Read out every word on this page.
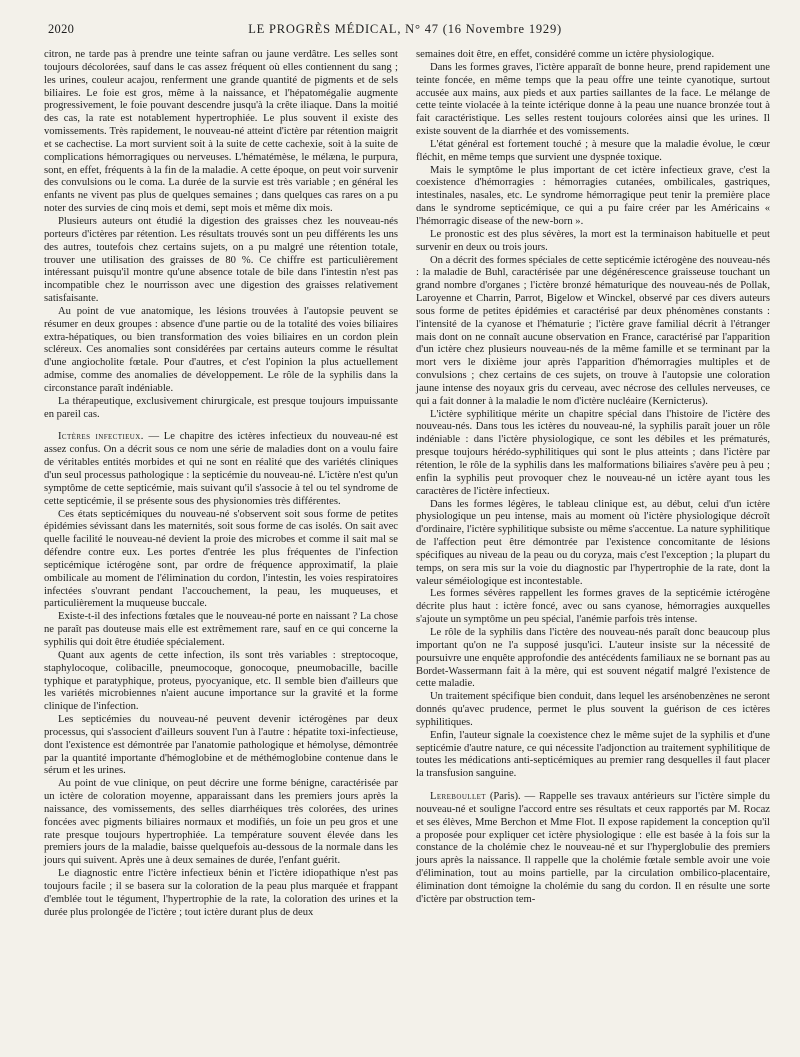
2020	LE PROGRÈS MÉDICAL, N° 47 (16 Novembre 1929)

citron, ne tarde pas à prendre une teinte safran ou jaune verdâtre. Les selles sont toujours décolorées, sauf dans le cas assez fréquent où elles contiennent du sang ; les urines, couleur acajou, renferment une grande quantité de pigments et de sels biliaires. Le foie est gros, même à la naissance, et l'hépatomégalie augmente progressivement, le foie pouvant descendre jusqu'à la crête iliaque. Dans la moitié des cas, la rate est notablement hypertrophiée. Le plus souvent il existe des vomissements. Très rapidement, le nouveau-né atteint d'ictère par rétention maigrit et se cachectise. La mort survient soit à la suite de cette cachexie, soit à la suite de complications hémorragiques ou nerveuses. L'hématémèse, le mélæna, le purpura, sont, en effet, fréquents à la fin de la maladie. A cette époque, on peut voir survenir des convulsions ou le coma. La durée de la survie est très variable ; en général les enfants ne vivent pas plus de quelques semaines ; dans quelques cas rares on a pu noter des survies de cinq mois et demi, sept mois et même dix mois.

Plusieurs auteurs ont étudié la digestion des graisses chez les nouveau-nés porteurs d'ictères par rétention. Les résultats trouvés sont un peu différents les uns des autres, toutefois chez certains sujets, on a pu malgré une rétention totale, trouver une utilisation des graisses de 80 %. Ce chiffre est particulièrement intéressant puisqu'il montre qu'une absence totale de bile dans l'intestin n'est pas incompatible chez le nourrisson avec une digestion des graisses relativement satisfaisante.

Au point de vue anatomique, les lésions trouvées à l'autopsie peuvent se résumer en deux groupes : absence d'une partie ou de la totalité des voies biliaires extra-hépatiques, ou bien transformation des voies biliaires en un cordon plein scléreux. Ces anomalies sont considérées par certains auteurs comme le résultat d'une angiocholite fœtale. Pour d'autres, et c'est l'opinion la plus actuellement admise, comme des anomalies de développement. Le rôle de la syphilis dans la circonstance paraît indéniable.

La thérapeutique, exclusivement chirurgicale, est presque toujours impuissante en pareil cas.

Ictères infectieux. — Le chapitre des ictères infectieux du nouveau-né est assez confus. On a décrit sous ce nom une série de maladies dont on a voulu faire de véritables entités morbides et qui ne sont en réalité que des variétés cliniques d'un seul processus pathologique : la septicémie du nouveau-né. L'ictère n'est qu'un symptôme de cette septicémie, mais suivant qu'il s'associe à tel ou tel syndrome de cette septicémie, il se présente sous des physionomies très différentes.

Ces états septicémiques du nouveau-né s'observent soit sous forme de petites épidémies sévissant dans les maternités, soit sous forme de cas isolés. On sait avec quelle facilité le nouveau-né devient la proie des microbes et comme il sait mal se défendre contre eux. Les portes d'entrée les plus fréquentes de l'infection septicémique ictérogène sont, par ordre de fréquence approximatif, la plaie ombilicale au moment de l'élimination du cordon, l'intestin, les voies respiratoires infectées s'ouvrant pendant l'accouchement, la peau, les muqueuses, et particulièrement la muqueuse buccale.

Existe-t-il des infections fœtales que le nouveau-né porte en naissant ? La chose ne paraît pas douteuse mais elle est extrêmement rare, sauf en ce qui concerne la syphilis qui doit être étudiée spécialement.

Quant aux agents de cette infection, ils sont très variables : streptocoque, staphylocoque, colibacille, pneumocoque, gonocoque, pneumobacille, bacille typhique et paratyphique, proteus, pyocyanique, etc. Il semble bien d'ailleurs que les variétés microbiennes n'aient aucune importance sur la gravité et la forme clinique de l'infection.

Les septicémies du nouveau-né peuvent devenir ictérogènes par deux processus, qui s'associent d'ailleurs souvent l'un à l'autre : hépatite toxi-infectieuse, dont l'existence est démontrée par l'anatomie pathologique et hémolyse, démontrée par la quantité importante d'hémoglobine et de méthémoglobine contenue dans le sérum et les urines.

Au point de vue clinique, on peut décrire une forme bénigne, caractérisée par un ictère de coloration moyenne, apparaissant dans les premiers jours après la naissance, des vomissements, des selles diarrhéiques très colorées, des urines foncées avec pigments biliaires normaux et modifiés, un foie un peu gros et une rate presque toujours hypertrophiée. La température souvent élevée dans les premiers jours de la maladie, baisse quelquefois au-dessous de la normale dans les jours qui suivent. Après une à deux semaines de durée, l'enfant guérit.

Le diagnostic entre l'ictère infectieux bénin et l'ictère idiopathique n'est pas toujours facile ; il se basera sur la coloration de la peau plus marquée et frappant d'emblée tout le tégument, l'hypertrophie de la rate, la coloration des urines et la durée plus prolongée de l'ictère ; tout ictère durant plus de deux

semaines doit être, en effet, considéré comme un ictère physiologique.

Dans les formes graves, l'ictère apparaît de bonne heure, prend rapidement une teinte foncée, en même temps que la peau offre une teinte cyanotique, surtout accusée aux mains, aux pieds et aux parties saillantes de la face. Le mélange de cette teinte violacée à la teinte ictérique donne à la peau une nuance bronzée tout à fait caractéristique. Les selles restent toujours colorées ainsi que les urines. Il existe souvent de la diarrhée et des vomissements.

L'état général est fortement touché ; à mesure que la maladie évolue, le cœur fléchit, en même temps que survient une dyspnée toxique.

Mais le symptôme le plus important de cet ictère infectieux grave, c'est la coexistence d'hémorragies : hémorragies cutanées, ombilicales, gastriques, intestinales, nasales, etc. Le syndrome hémorragique peut tenir la première place dans le syndrome septicémique, ce qui a pu faire créer par les Américains « l'hémorragic disease of the new-born ».

Le pronostic est des plus sévères, la mort est la terminaison habituelle et peut survenir en deux ou trois jours.

On a décrit des formes spéciales de cette septicémie ictérogène des nouveau-nés : la maladie de Buhl, caractérisée par une dégénérescence graisseuse touchant un grand nombre d'organes ; l'ictère bronzé hématurique des nouveau-nés de Pollak, Laroyenne et Charrin, Parrot, Bigelow et Winckel, observé par ces divers auteurs sous forme de petites épidémies et caractérisé par deux phénomènes constants : l'intensité de la cyanose et l'hématurie ; l'ictère grave familial décrit à l'étranger mais dont on ne connaît aucune observation en France, caractérisé par l'apparition d'un ictère chez plusieurs nouveau-nés de la même famille et se terminant par la mort vers le dixième jour après l'apparition d'hémorragies multiples et de convulsions ; chez certains de ces sujets, on trouve à l'autopsie une coloration jaune intense des noyaux gris du cerveau, avec nécrose des cellules nerveuses, ce qui a fait donner à la maladie le nom d'ictère nucléaire (Kernicterus).

L'ictère syphilitique mérite un chapitre spécial dans l'histoire de l'ictère des nouveau-nés. Dans tous les ictères du nouveau-né, la syphilis paraît jouer un rôle indéniable : dans l'ictère physiologique, ce sont les débiles et les prématurés, presque toujours hérédo-syphilitiques qui sont le plus atteints ; dans l'ictère par rétention, le rôle de la syphilis dans les malformations biliaires s'avère peu à peu ; enfin la syphilis peut provoquer chez le nouveau-né un ictère ayant tous les caractères de l'ictère infectieux.

Dans les formes légères, le tableau clinique est, au début, celui d'un ictère physiologique un peu intense, mais au moment où l'ictère physiologique décroît d'ordinaire, l'ictère syphilitique subsiste ou même s'accentue. La nature syphilitique de l'affection peut être démontrée par l'existence concomitante de lésions spécifiques au niveau de la peau ou du coryza, mais c'est l'exception ; la plupart du temps, on sera mis sur la voie du diagnostic par l'hypertrophie de la rate, dont la valeur séméiologique est incontestable.

Les formes sévères rappellent les formes graves de la septicémie ictérogène décrite plus haut : ictère foncé, avec ou sans cyanose, hémorragies auxquelles s'ajoute un symptôme un peu spécial, l'anémie parfois très intense.

Le rôle de la syphilis dans l'ictère des nouveau-nés paraît donc beaucoup plus important qu'on ne l'a supposé jusqu'ici. L'auteur insiste sur la nécessité de poursuivre une enquête approfondie des antécédents familiaux ne se bornant pas au Bordet-Wassermann fait à la mère, qui est souvent négatif malgré l'existence de cette maladie.

Un traitement spécifique bien conduit, dans lequel les arsénobenzènes ne seront donnés qu'avec prudence, permet le plus souvent la guérison de ces ictères syphilitiques.

Enfin, l'auteur signale la coexistence chez le même sujet de la syphilis et d'une septicémie d'autre nature, ce qui nécessite l'adjonction au traitement syphilitique de toutes les médications anti-septicémiques au premier rang desquelles il faut placer la transfusion sanguine.

Lereboullet (Paris). — Rappelle ses travaux antérieurs sur l'ictère simple du nouveau-né et souligne l'accord entre ses résultats et ceux rapportés par M. Rocaz et ses élèves, Mme Berchon et Mme Flot. Il expose rapidement la conception qu'il a proposée pour expliquer cet ictère physiologique : elle est basée à la fois sur la constance de la cholémie chez le nouveau-né et sur l'hyperglobulie des premiers jours après la naissance. Il rappelle que la cholémie fœtale semble avoir une voie d'élimination, tout au moins partielle, par la circulation ombilico-placentaire, élimination dont témoigne la cholémie du sang du cordon. Il en résulte une sorte d'ictère par obstruction tem-
